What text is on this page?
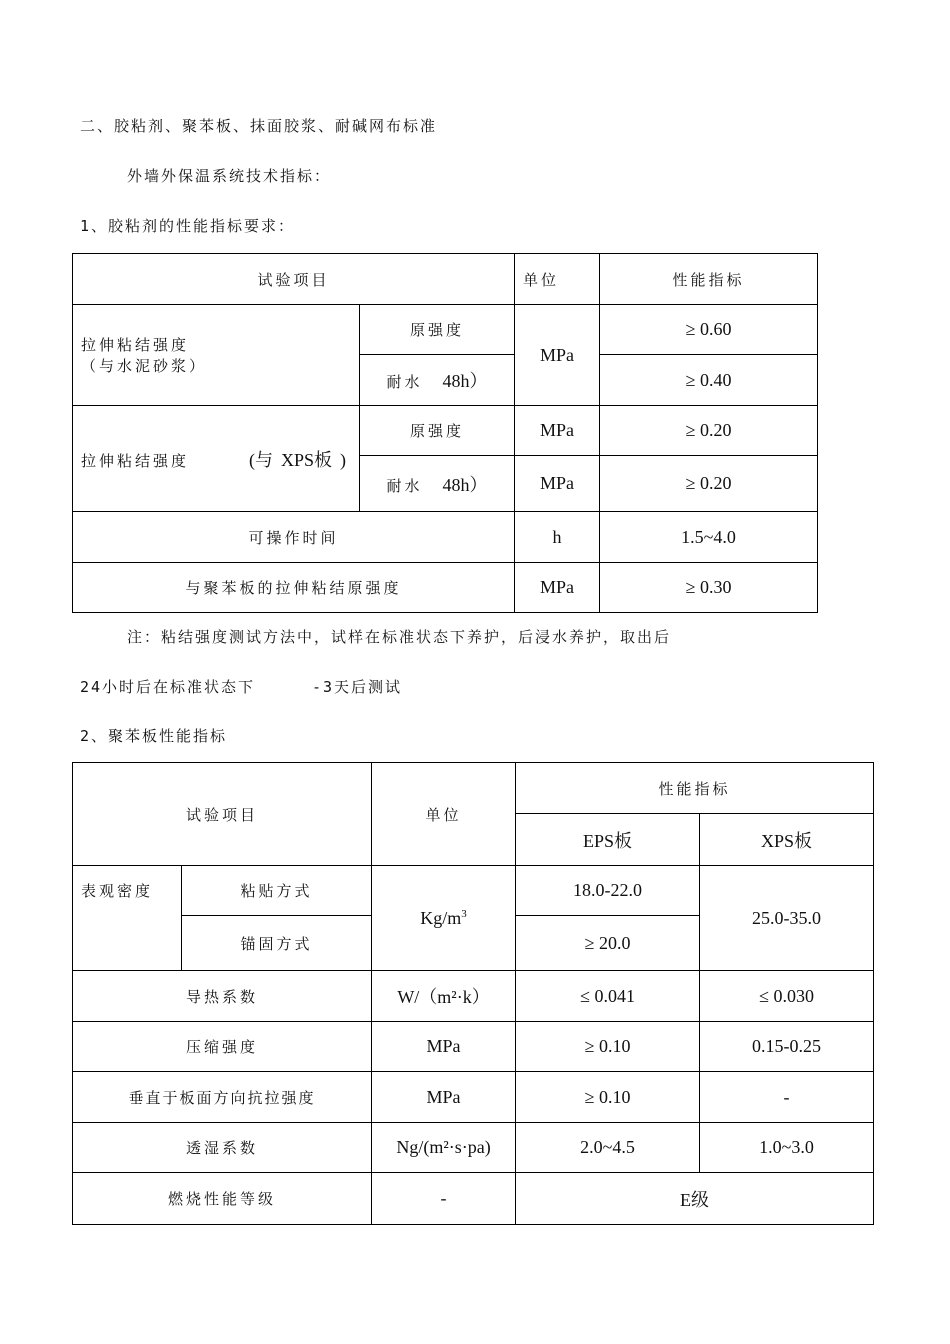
二、胶粘剂、聚苯板、抹面胶浆、耐碱网布标准
外墙外保温系统技术指标：
1、胶粘剂的性能指标要求：
试验项目		单位	性能指标
拉伸粘结强度（与水泥砂浆）	原强度	MPa	≥ 0.60
	耐水 48h）		≥ 0.40
拉伸粘结强度 (与 XPS板 )	原强度	MPa	≥ 0.20
	耐水 48h）	MPa	≥ 0.20
可操作时间		h	1.5~4.0
与聚苯板的拉伸粘结原强度		MPa	≥ 0.30
注：粘结强度测试方法中，试样在标准状态下养护，后浸水养护，取出后
24小时后在标准状态下	-3天后测试
2、聚苯板性能指标
试验项目		单位	性能指标	
			EPS板	XPS板
表观密度	粘贴方式	$Kg/m^3$	18.0-22.0	25.0-35.0
	锚固方式		≥ 20.0	
导热系数		W/（m²·k）	≤ 0.041	≤ 0.030
压缩强度		MPa	≥ 0.10	0.15-0.25
垂直于板面方向抗拉强度		MPa	≥ 0.10	-
透湿系数		Ng/(m²·s·pa)	2.0~4.5	1.0~3.0
燃烧性能等级		-	E级	
